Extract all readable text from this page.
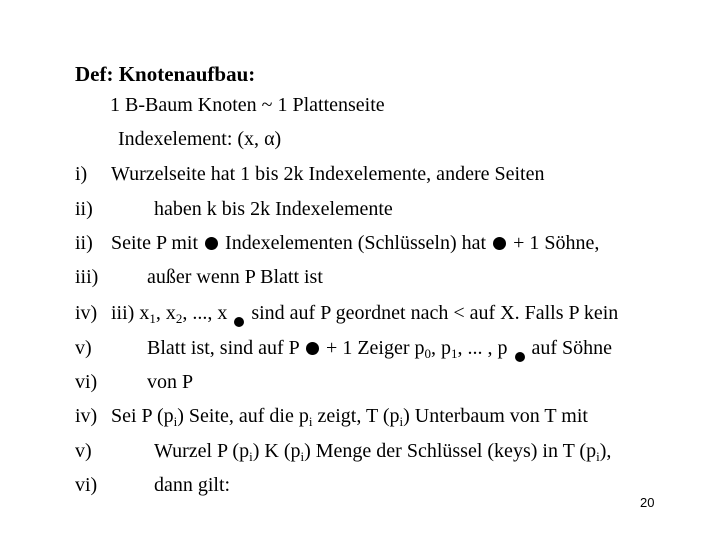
Def: Knotenaufbau:
1 B-Baum Knoten ~ 1 Plattenseite
Indexelement: (x, α)
i) Wurzelseite hat 1 bis 2k Indexelemente, andere Seiten
ii)	haben k bis 2k Indexelemente
ii) Seite P mit Indexelementen (Schlüsseln) hat + 1 Söhne,
iii) außer wenn P Blatt ist
iv) iii) $x_1$, $x_2$, ..., x sind auf P geordnet nach < auf X. Falls P kein
v)	Blatt ist, sind auf P + 1 Zeiger $p_0$, $p_1$, ... , p auf Söhne
vi) von P
iv) Sei P $(p_i)$ Seite, auf die $p_i$ zeigt, T $(p_i)$ Unterbaum von T mit
v)	Wurzel P $(p_i)$ K $(p_i)$ Menge der Schlüssel (keys) in T $(p_i)$,
vi)	dann gilt:
20
